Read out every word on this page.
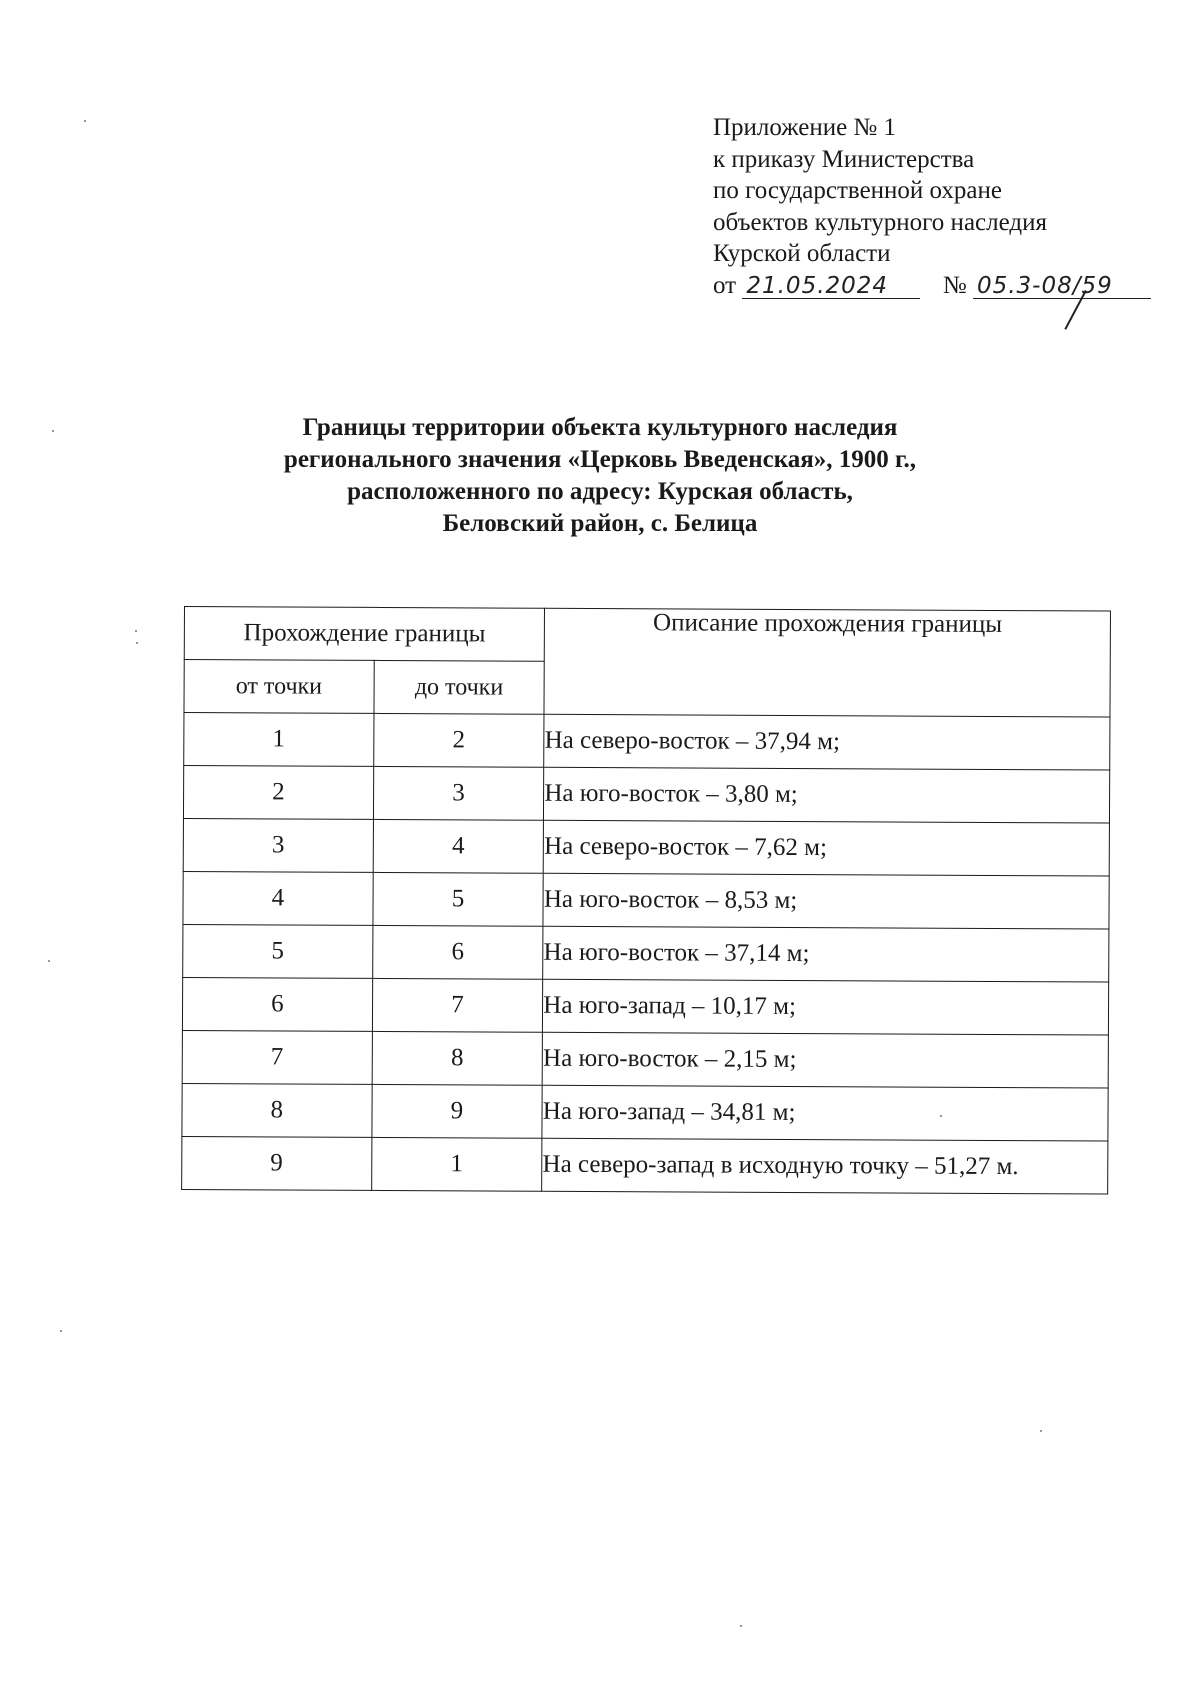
Приложение № 1
к приказу Министерства
по государственной охране
объектов культурного наследия
Курской области
от 21.05.2024 № 05.3-08/59
Границы территории объекта культурного наследия
регионального значения «Церковь Введенская», 1900 г.,
расположенного по адресу: Курская область,
Беловский район, с. Белица
Прохождение границы		Описание прохождения границы
от точки	до точки	
1	2	На северо-восток – 37,94 м;
2	3	На юго-восток – 3,80 м;
3	4	На северо-восток – 7,62 м;
4	5	На юго-восток – 8,53 м;
5	6	На юго-восток – 37,14 м;
6	7	На юго-запад – 10,17 м;
7	8	На юго-восток – 2,15 м;
8	9	На юго-запад – 34,81 м;
9	1	На северо-запад в исходную точку – 51,27 м.
